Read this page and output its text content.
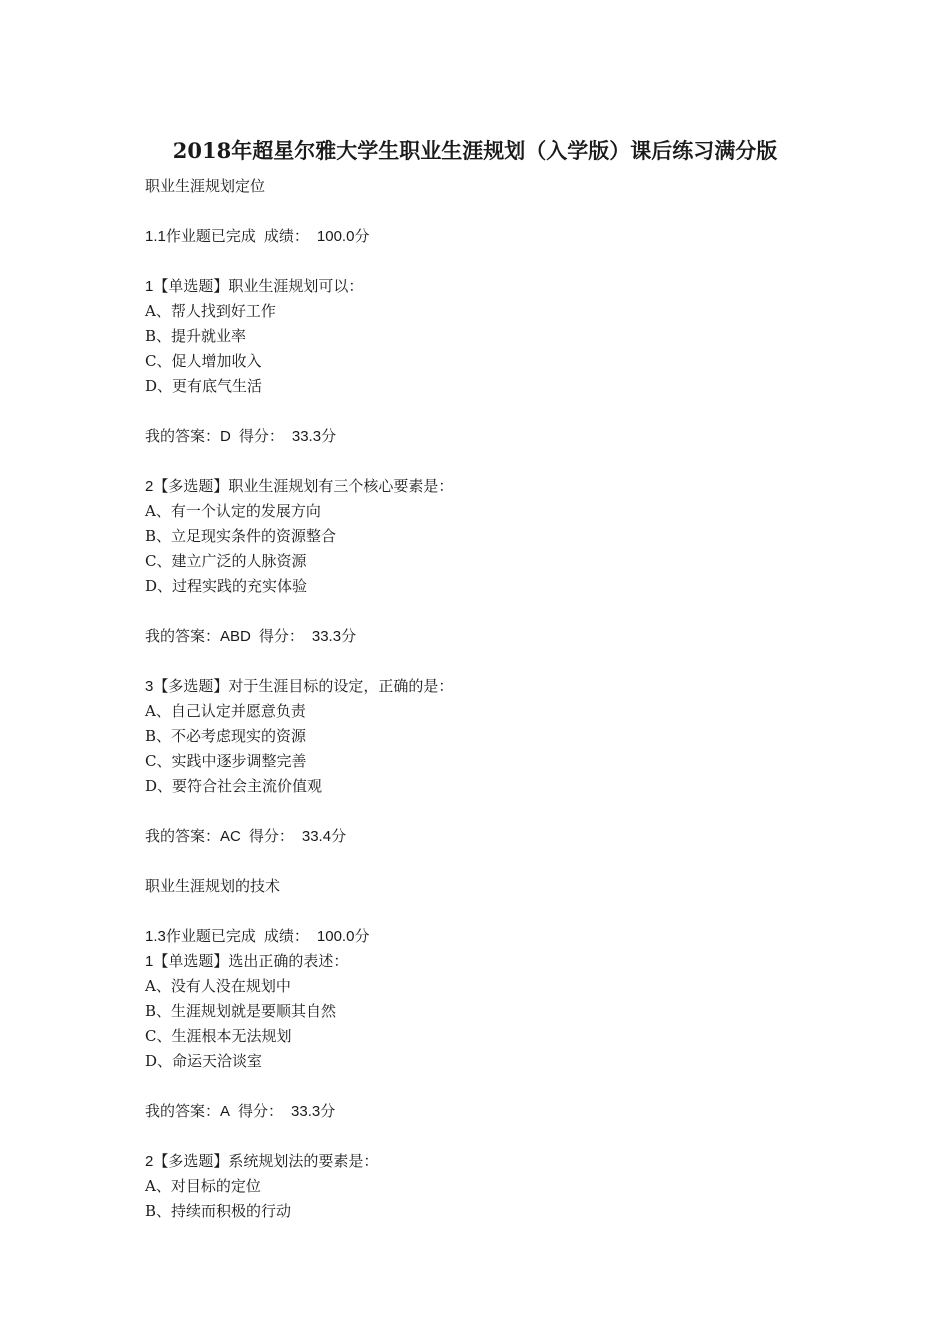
2018年超星尔雅大学生职业生涯规划（入学版）课后练习满分版
职业生涯规划定位
1.1作业题已完成 成绩： 100.0分
1【单选题】职业生涯规划可以：
A、帮人找到好工作
B、提升就业率
C、促人增加收入
D、更有底气生活
我的答案：D 得分： 33.3分
2【多选题】职业生涯规划有三个核心要素是：
A、有一个认定的发展方向
B、立足现实条件的资源整合
C、建立广泛的人脉资源
D、过程实践的充实体验
我的答案：ABD 得分： 33.3分
3【多选题】对于生涯目标的设定，正确的是：
A、自己认定并愿意负责
B、不必考虑现实的资源
C、实践中逐步调整完善
D、要符合社会主流价值观
我的答案：AC 得分： 33.4分
职业生涯规划的技术
1.3作业题已完成 成绩： 100.0分
1【单选题】选出正确的表述：
A、没有人没在规划中
B、生涯规划就是要顺其自然
C、生涯根本无法规划
D、命运天洽谈室
我的答案：A 得分： 33.3分
2【多选题】系统规划法的要素是：
A、对目标的定位
B、持续而积极的行动
